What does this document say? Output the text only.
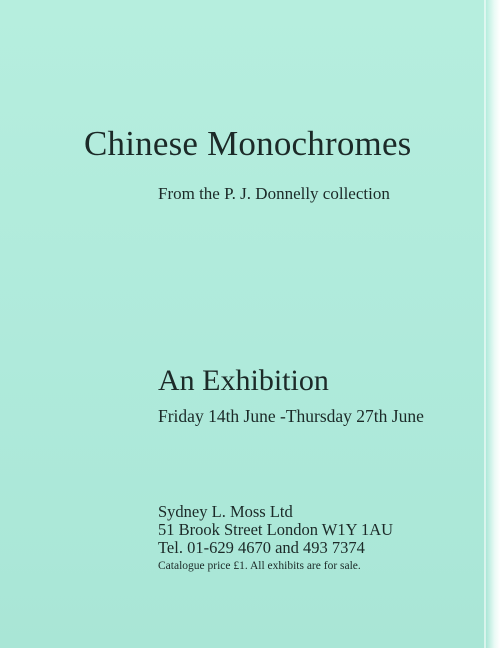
Chinese Monochromes

From the P. J. Donnelly collection

An Exhibition

Friday 14th June -Thursday 27th June

Sydney L. Moss Ltd

51 Brook Street London W1Y 1AU

Tel. 01-629 4670 and 493 7374

Catalogue price £1. All exhibits are for sale.
